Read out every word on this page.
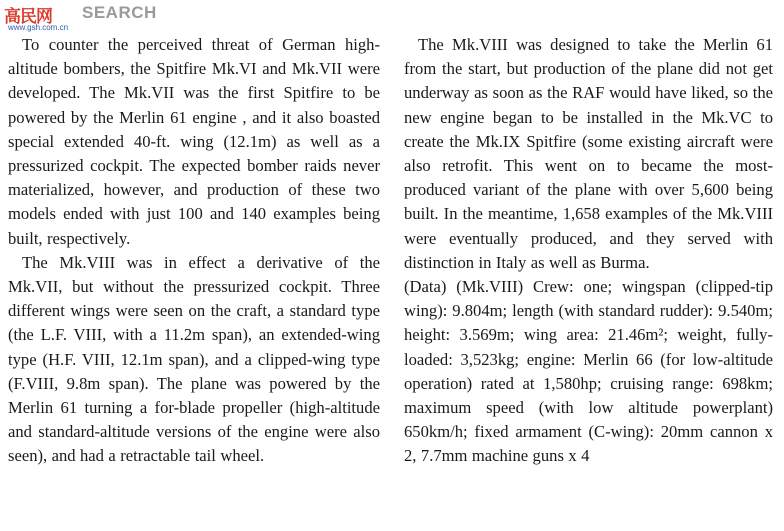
高民网 SEARCH
www.gsh.com.cn

To counter the perceived threat of German high-altitude bombers, the Spitfire Mk.VI and Mk.VII were developed. The Mk.VII was the first Spitfire to be powered by the Merlin 61 engine , and it also boasted special extended 40-ft. wing (12.1m) as well as a pressurized cockpit. The expected bomber raids never materialized, however, and production of these two models ended with just 100 and 140 examples being built, respectively.

The Mk.VIII was in effect a derivative of the Mk.VII, but without the pressurized cockpit. Three different wings were seen on the craft, a standard type (the L.F. VIII, with a 11.2m span), an extended-wing type (H.F. VIII, 12.1m span), and a clipped-wing type (F.VIII, 9.8m span). The plane was powered by the Merlin 61 turning a for-blade propeller (high-altitude and standard-altitude versions of the engine were also seen), and had a retractable tail wheel.

The Mk.VIII was designed to take the Merlin 61 from the start, but production of the plane did not get underway as soon as the RAF would have liked, so the new engine began to be installed in the Mk.VC to create the Mk.IX Spitfire (some existing aircraft were also retrofit. This went on to became the most-produced variant of the plane with over 5,600 being built. In the meantime, 1,658 examples of the Mk.VIII were eventually produced, and they served with distinction in Italy as well as Burma.

(Data) (Mk.VIII) Crew: one; wingspan (clipped-tip wing): 9.804m; length (with standard rudder): 9.540m; height: 3.569m; wing area: 21.46m²; weight, fully-loaded: 3,523kg; engine: Merlin 66 (for low-altitude operation) rated at 1,580hp; cruising range: 698km; maximum speed (with low altitude powerplant) 650km/h; fixed armament (C-wing): 20mm cannon x 2, 7.7mm machine guns x 4
